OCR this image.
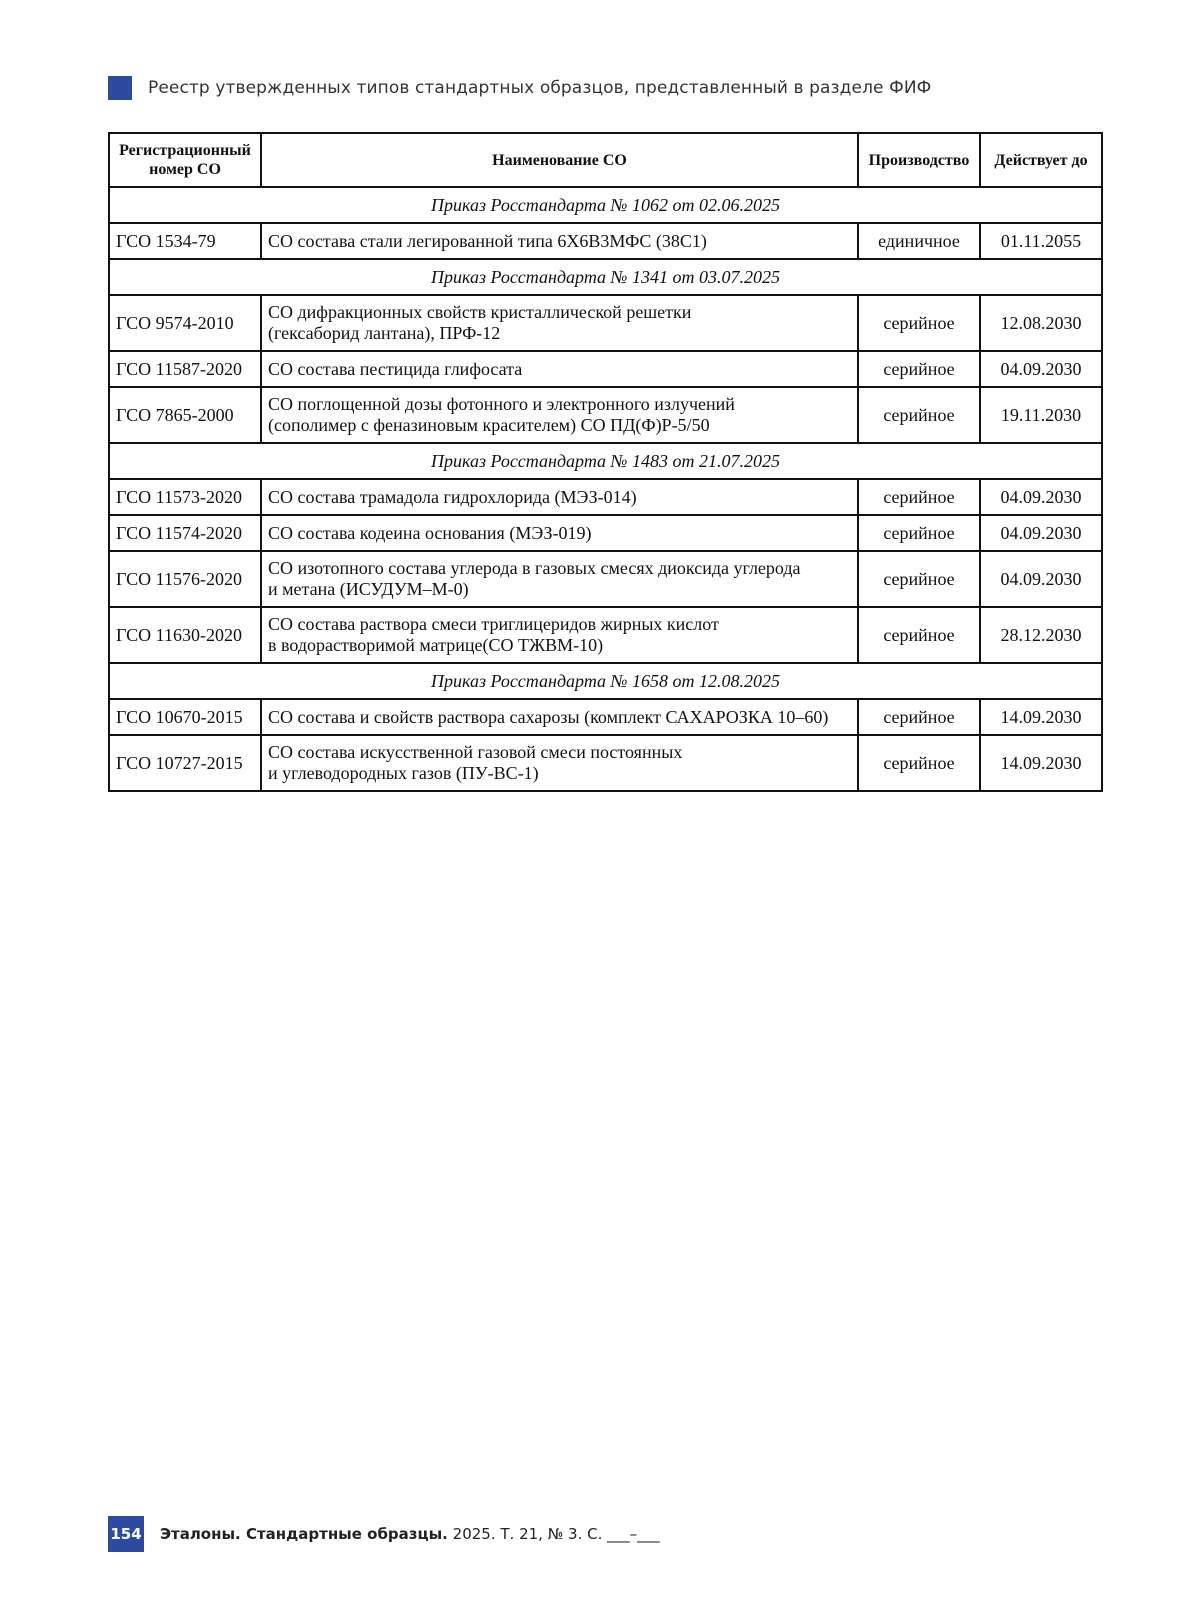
Реестр утвержденных типов стандартных образцов, представленный в разделе ФИФ
Регистрационный
номер СО	Наименование СО	Производство	Действует до
Приказ Росстандарта № 1062 от 02.06.2025			
ГСО 1534-79	СО состава стали легированной типа 6Х6В3МФС (38С1)	единичное	01.11.2055
Приказ Росстандарта № 1341 от 03.07.2025			
ГСО 9574-2010	СО дифракционных свойств кристаллической решетки
(гексаборид лантана), ПРФ-12	серийное	12.08.2030
ГСО 11587-2020	СО состава пестицида глифосата	серийное	04.09.2030
ГСО 7865-2000	СО поглощенной дозы фотонного и электронного излучений
(сополимер с феназиновым красителем) СО ПД(Ф)Р-5/50	серийное	19.11.2030
Приказ Росстандарта № 1483 от 21.07.2025			
ГСО 11573-2020	СО состава трамадола гидрохлорида (МЭЗ-014)	серийное	04.09.2030
ГСО 11574-2020	СО состава кодеина основания (МЭЗ-019)	серийное	04.09.2030
ГСО 11576-2020	СО изотопного состава углерода в газовых смесях диоксида углерода
и метана (ИСУДУМ–М-0)	серийное	04.09.2030
ГСО 11630-2020	СО состава раствора смеси триглицеридов жирных кислот
в водорастворимой матрице(СО ТЖВМ-10)	серийное	28.12.2030
Приказ Росстандарта № 1658 от 12.08.2025			
ГСО 10670-2015	СО состава и свойств раствора сахарозы (комплект САХАРОЗКА 10–60)	серийное	14.09.2030
ГСО 10727-2015	СО состава искусственной газовой смеси постоянных
и углеводородных газов (ПУ-ВС-1)	серийное	14.09.2030
154 Эталоны. Стандартные образцы. 2025. Т. 21, № 3. С. ___–___
